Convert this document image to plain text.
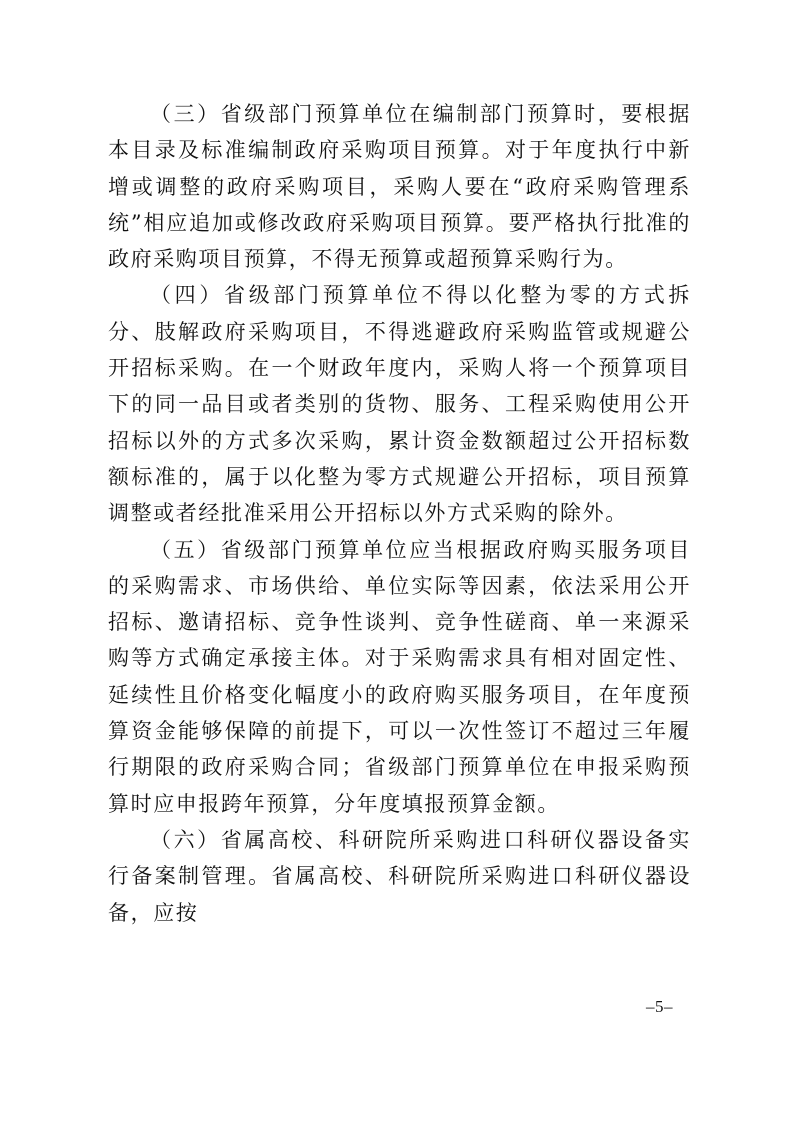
（三）省级部门预算单位在编制部门预算时，要根据本目录及标准编制政府采购项目预算。对于年度执行中新增或调整的政府采购项目，采购人要在“政府采购管理系统”相应追加或修改政府采购项目预算。要严格执行批准的政府采购项目预算，不得无预算或超预算采购行为。

（四）省级部门预算单位不得以化整为零的方式拆分、肢解政府采购项目，不得逃避政府采购监管或规避公开招标采购。在一个财政年度内，采购人将一个预算项目下的同一品目或者类别的货物、服务、工程采购使用公开招标以外的方式多次采购，累计资金数额超过公开招标数额标准的，属于以化整为零方式规避公开招标，项目预算调整或者经批准采用公开招标以外方式采购的除外。

（五）省级部门预算单位应当根据政府购买服务项目的采购需求、市场供给、单位实际等因素，依法采用公开招标、邀请招标、竞争性谈判、竞争性磋商、单一来源采购等方式确定承接主体。对于采购需求具有相对固定性、延续性且价格变化幅度小的政府购买服务项目，在年度预算资金能够保障的前提下，可以一次性签订不超过三年履行期限的政府采购合同；省级部门预算单位在申报采购预算时应申报跨年预算，分年度填报预算金额。

（六）省属高校、科研院所采购进口科研仪器设备实行备案制管理。省属高校、科研院所采购进口科研仪器设备，应按

–5–
